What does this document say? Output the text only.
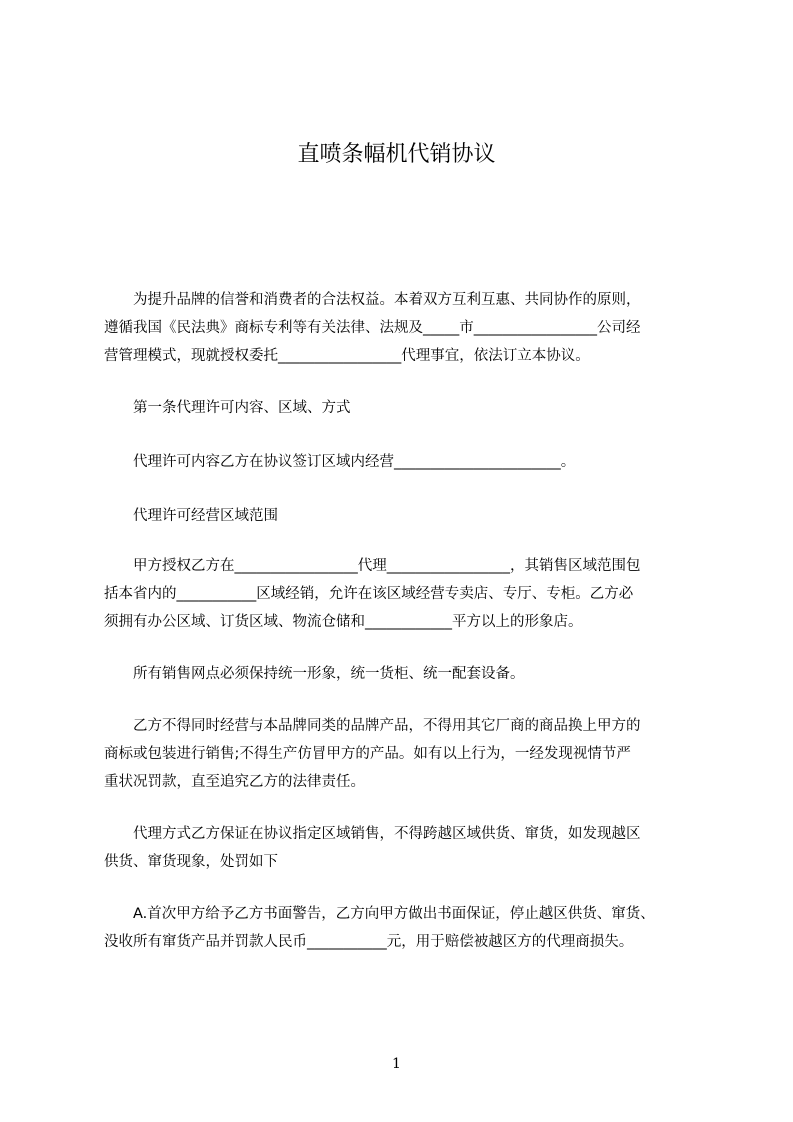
直喷条幅机代销协议
　　为提升品牌的信誉和消费者的合法权益。本着双方互利互惠、共同协作的原则，
遵循我国《民法典》商标专利等有关法律、法规及_____市_________________公司经
营管理模式，现就授权委托_________________代理事宜，依法订立本协议。
　　第一条代理许可内容、区域、方式
　　代理许可内容乙方在协议签订区域内经营_______________________。
　　代理许可经营区域范围
　　甲方授权乙方在_________________代理_________________，其销售区域范围包
括本省内的___________区域经销，允许在该区域经营专卖店、专厅、专柜。乙方必
须拥有办公区域、订货区域、物流仓储和____________平方以上的形象店。
　　所有销售网点必须保持统一形象，统一货柜、统一配套设备。
　　乙方不得同时经营与本品牌同类的品牌产品，不得用其它厂商的商品换上甲方的
商标或包装进行销售;不得生产仿冒甲方的产品。如有以上行为，一经发现视情节严
重状况罚款，直至追究乙方的法律责任。
　　代理方式乙方保证在协议指定区域销售，不得跨越区域供货、窜货，如发现越区
供货、窜货现象，处罚如下
　　A.首次甲方给予乙方书面警告，乙方向甲方做出书面保证，停止越区供货、窜货、
没收所有窜货产品并罚款人民币___________元，用于赔偿被越区方的代理商损失。
1
